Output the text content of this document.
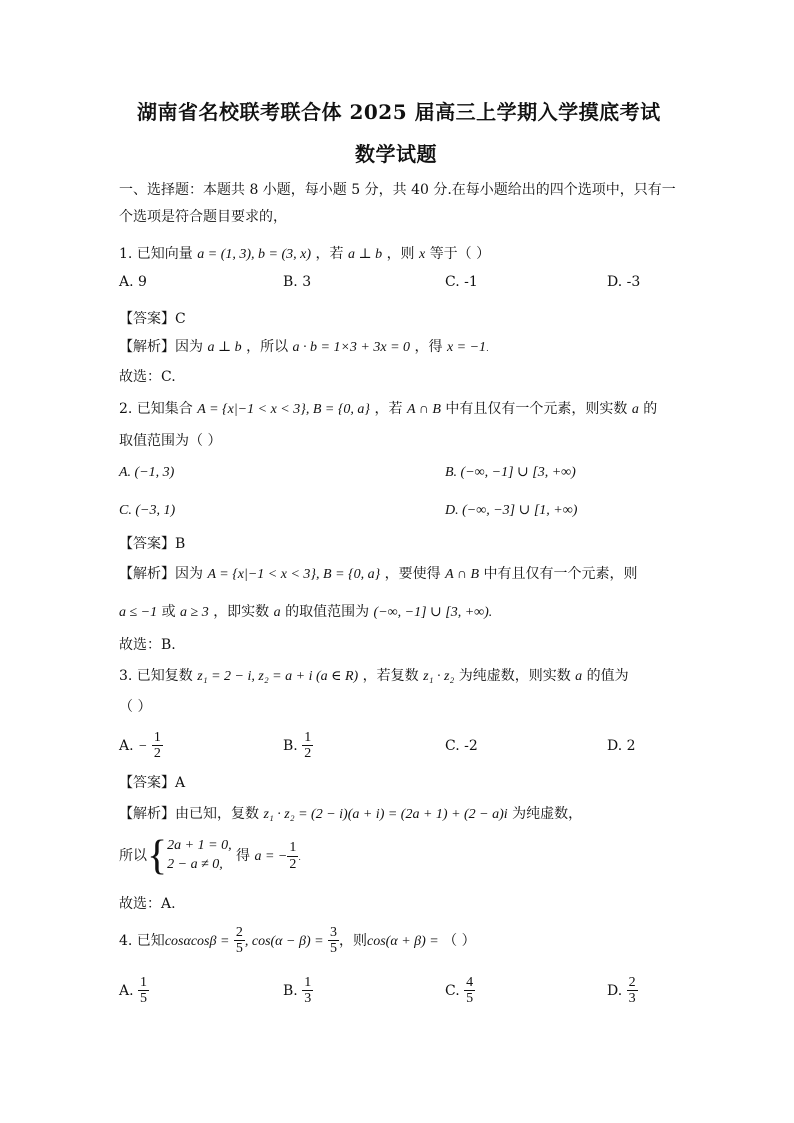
湖南省名校联考联合体 2025 届高三上学期入学摸底考试
数学试题
一、选择题：本题共 8 小题，每小题 5 分，共 40 分.在每小题给出的四个选项中，只有一
个选项是符合题目要求的，
1. 已知向量 a = (1, 3), b = (3, x) ，若 a ⊥ b ，则 x 等于（ ）
A. 9	B. 3	C. -1	D. -3
【答案】C
【解析】因为 a ⊥ b ，所以 a · b = 1×3 + 3x = 0 ，得 x = −1.
故选：C.
2. 已知集合 A = {x|−1 < x < 3}, B = {0, a} ，若 A ∩ B 中有且仅有一个元素，则实数 a 的
取值范围为（ ）
A. (−1, 3)	B. (−∞, −1] ∪ [3, +∞)
C. (−3, 1)	D. (−∞, −3] ∪ [1, +∞)
【答案】B
【解析】因为 A = {x|−1 < x < 3}, B = {0, a} ，要使得 A ∩ B 中有且仅有一个元素，则
a ≤ −1 或 a ≥ 3 ，即实数 a 的取值范围为 (−∞, −1] ∪ [3, +∞).
故选：B.
3. 已知复数 z₁ = 2 − i, z₂ = a + i (a ∈ R) ，若复数 z₁ · z₂ 为纯虚数，则实数 a 的值为
（ ）
A. − $\frac{1}{2}$	B. $\frac{1}{2}$	C. -2	D. 2
【答案】A
【解析】由已知，复数 z₁ · z₂ = (2 − i)(a + i) = (2a + 1) + (2 − a)i 为纯虚数，
所以{ 2a + 1 = 0,
2 − a ≠ 0,
得 a = − $\frac{1}{2}$ .
故选：A.
4. 已知$\cos\alpha\cos\beta = \frac{2}{5}$ , $\cos(\alpha - \beta) = \frac{3}{5}$ ，则cos(α + β) = （ ）
A. $\frac{1}{5}$	B. $\frac{1}{3}$	C. $\frac{4}{5}$	D. $\frac{2}{3}$
